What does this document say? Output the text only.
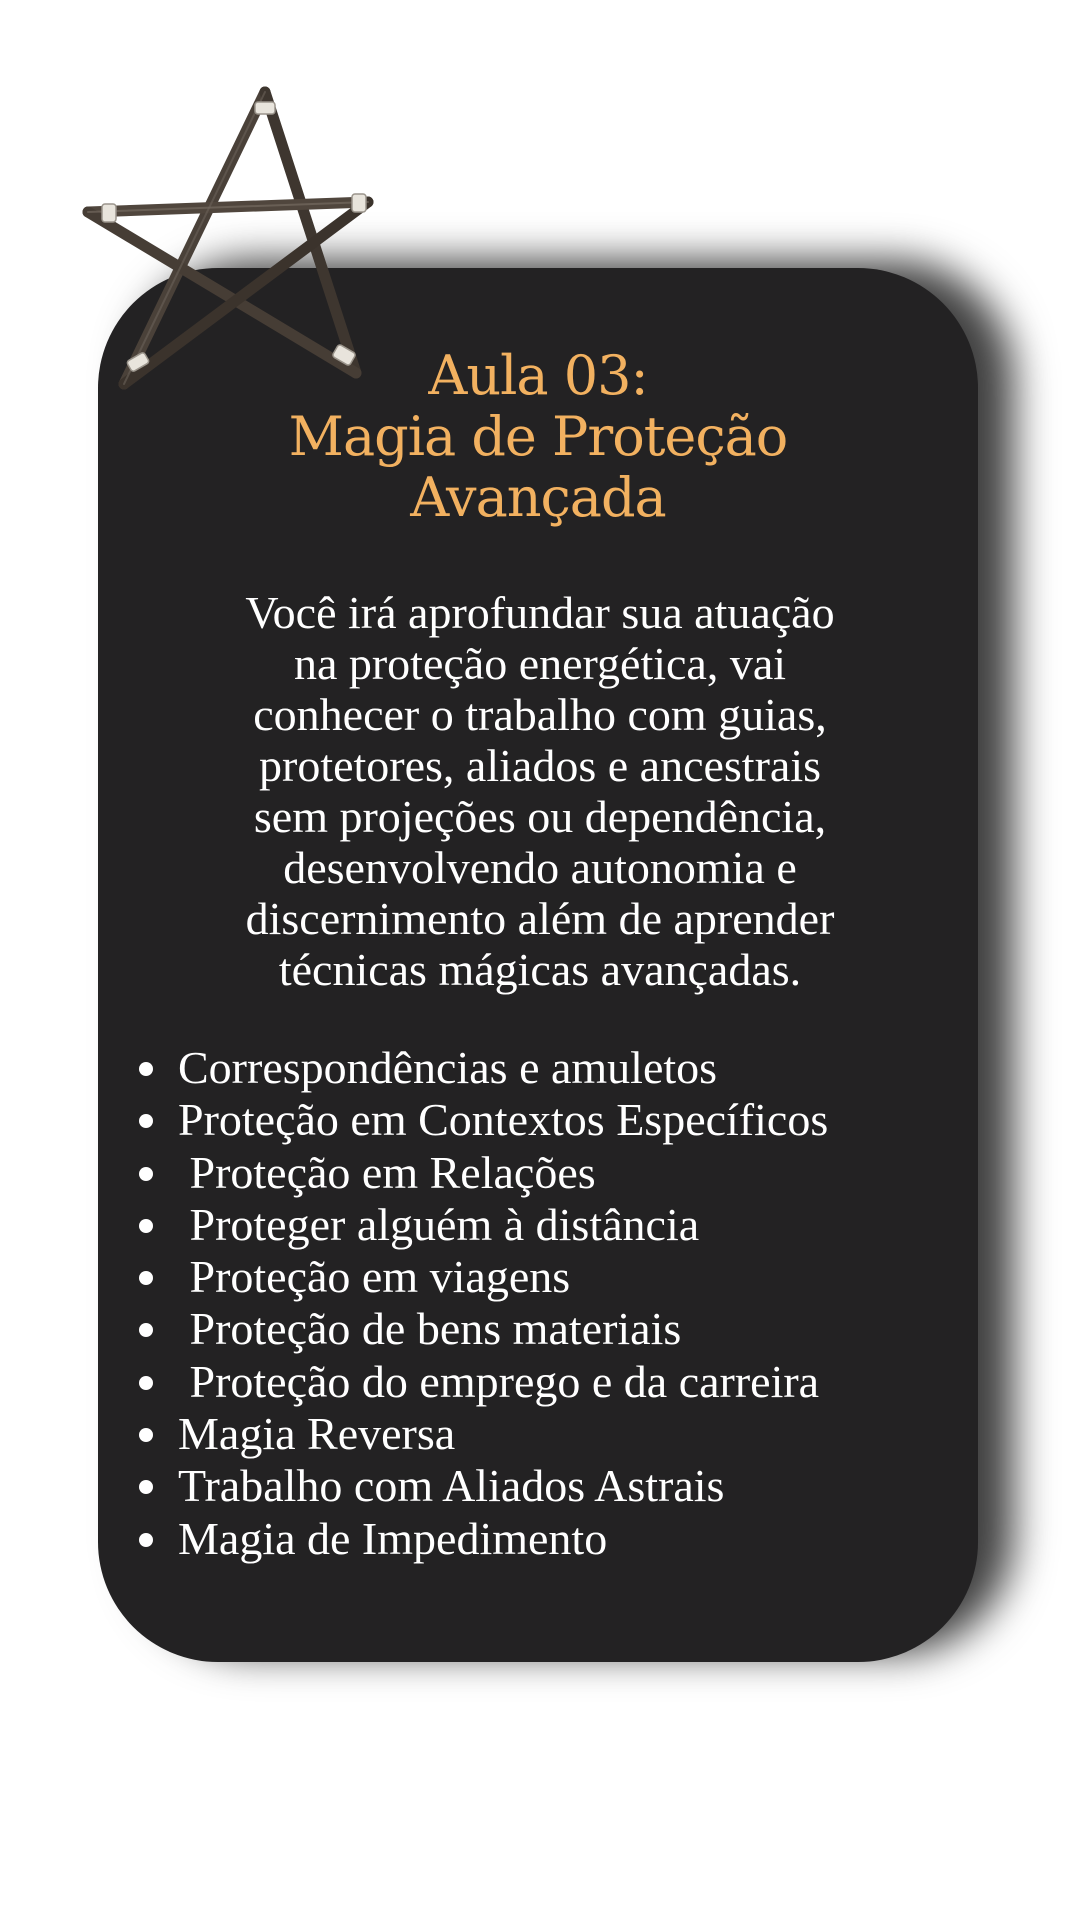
Aula 03:
Magia de Proteção
Avançada
Você irá aprofundar sua atuação
na proteção energética, vai
conhecer o trabalho com guias,
protetores, aliados e ancestrais
sem projeções ou dependência,
desenvolvendo autonomia e
discernimento além de aprender
técnicas mágicas avançadas.
Correspondências e amuletos
Proteção em Contextos Específicos
Proteção em Relações
Proteger alguém à distância
Proteção em viagens
Proteção de bens materiais
Proteção do emprego e da carreira
Magia Reversa
Trabalho com Aliados Astrais
Magia de Impedimento
